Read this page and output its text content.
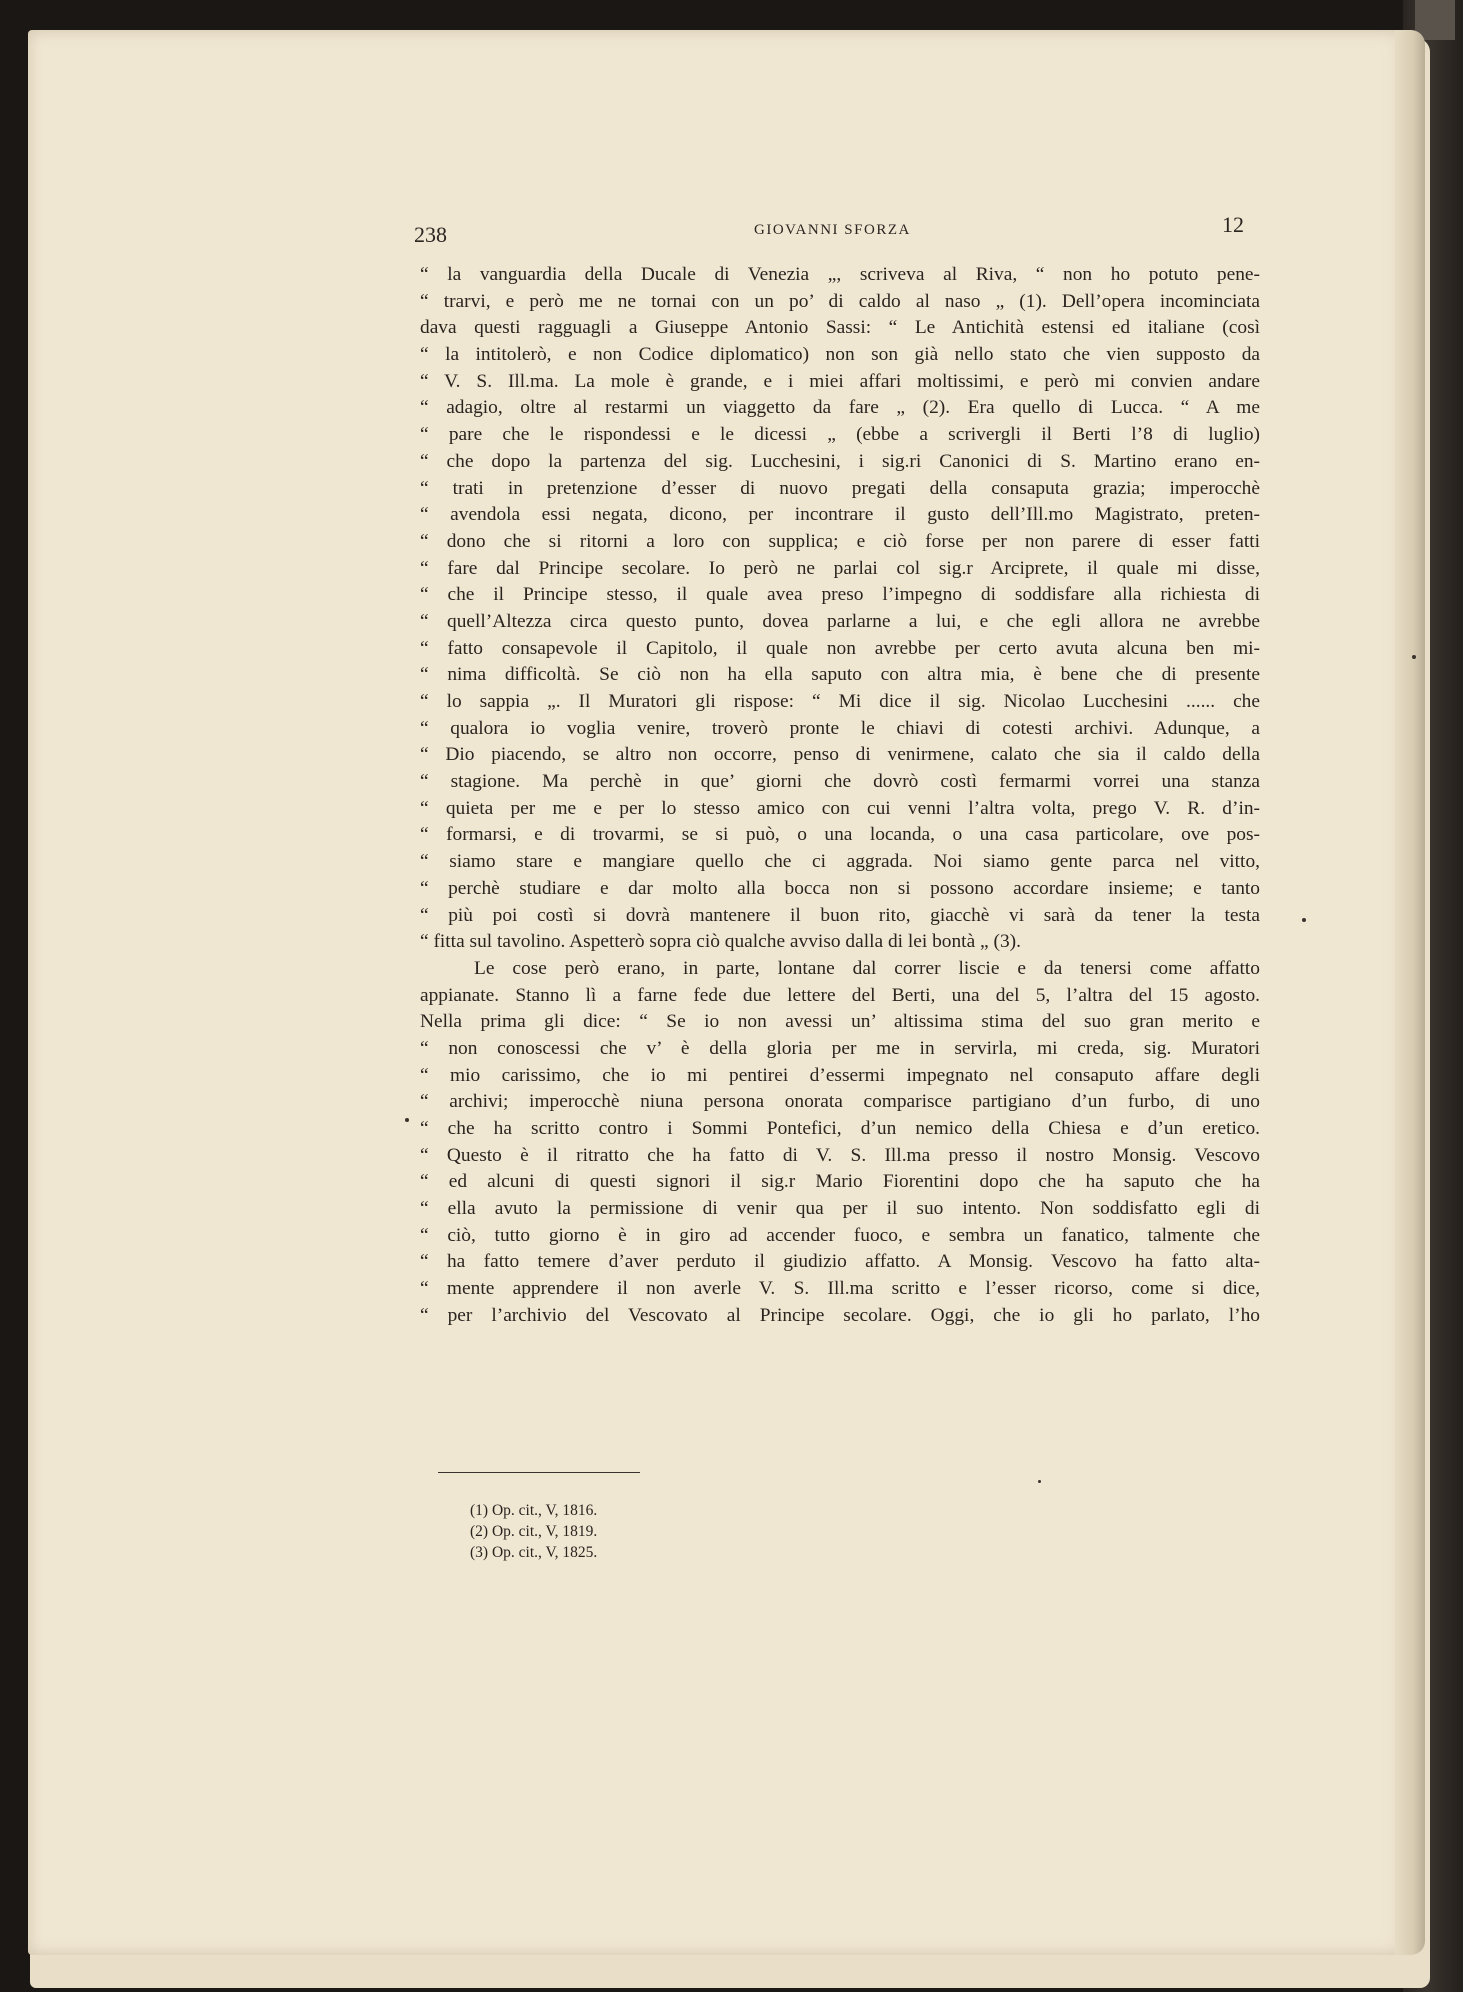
238	GIOVANNI SFORZA	12
“ la vanguardia della Ducale di Venezia „, scriveva al Riva, “ non ho potuto pene-
“ trarvi, e però me ne tornai con un po’ di caldo al naso „ (1). Dell’opera incominciata
dava questi ragguagli a Giuseppe Antonio Sassi: “ Le Antichità estensi ed italiane (così
“ la intitolerò, e non Codice diplomatico) non son già nello stato che vien supposto da
“ V. S. Ill.ma. La mole è grande, e i miei affari moltissimi, e però mi convien andare
“ adagio, oltre al restarmi un viaggetto da fare „ (2). Era quello di Lucca. “ A me
“ pare che le rispondessi e le dicessi „ (ebbe a scrivergli il Berti l’8 di luglio)
“ che dopo la partenza del sig. Lucchesini, i sig.ri Canonici di S. Martino erano en-
“ trati in pretenzione d’esser di nuovo pregati della consaputa grazia; imperocchè
“ avendola essi negata, dicono, per incontrare il gusto dell’Ill.mo Magistrato, preten-
“ dono che si ritorni a loro con supplica; e ciò forse per non parere di esser fatti
“ fare dal Principe secolare. Io però ne parlai col sig.r Arciprete, il quale mi disse,
“ che il Principe stesso, il quale avea preso l’impegno di soddisfare alla richiesta di
“ quell’Altezza circa questo punto, dovea parlarne a lui, e che egli allora ne avrebbe
“ fatto consapevole il Capitolo, il quale non avrebbe per certo avuta alcuna ben mi-
“ nima difficoltà. Se ciò non ha ella saputo con altra mia, è bene che di presente
“ lo sappia „. Il Muratori gli rispose: “ Mi dice il sig. Nicolao Lucchesini ...... che
“ qualora io voglia venire, troverò pronte le chiavi di cotesti archivi. Adunque, a
“ Dio piacendo, se altro non occorre, penso di venirmene, calato che sia il caldo della
“ stagione. Ma perchè in que’ giorni che dovrò costì fermarmi vorrei una stanza
“ quieta per me e per lo stesso amico con cui venni l’altra volta, prego V. R. d’in-
“ formarsi, e di trovarmi, se si può, o una locanda, o una casa particolare, ove pos-
“ siamo stare e mangiare quello che ci aggrada. Noi siamo gente parca nel vitto,
“ perchè studiare e dar molto alla bocca non si possono accordare insieme; e tanto
“ più poi costì si dovrà mantenere il buon rito, giacchè vi sarà da tener la testa
“ fitta sul tavolino. Aspetterò sopra ciò qualche avviso dalla di lei bontà „ (3).
Le cose però erano, in parte, lontane dal correr liscie e da tenersi come affatto
appianate. Stanno lì a farne fede due lettere del Berti, una del 5, l’altra del 15 agosto.
Nella prima gli dice: “ Se io non avessi un’ altissima stima del suo gran merito e
“ non conoscessi che v’ è della gloria per me in servirla, mi creda, sig. Muratori
“ mio carissimo, che io mi pentirei d’essermi impegnato nel consaputo affare degli
“ archivi; imperocchè niuna persona onorata comparisce partigiano d’un furbo, di uno
“ che ha scritto contro i Sommi Pontefici, d’un nemico della Chiesa e d’un eretico.
“ Questo è il ritratto che ha fatto di V. S. Ill.ma presso il nostro Monsig. Vescovo
“ ed alcuni di questi signori il sig.r Mario Fiorentini dopo che ha saputo che ha
“ ella avuto la permissione di venir qua per il suo intento. Non soddisfatto egli di
“ ciò, tutto giorno è in giro ad accender fuoco, e sembra un fanatico, talmente che
“ ha fatto temere d’aver perduto il giudizio affatto. A Monsig. Vescovo ha fatto alta-
“ mente apprendere il non averle V. S. Ill.ma scritto e l’esser ricorso, come si dice,
“ per l’archivio del Vescovato al Principe secolare. Oggi, che io gli ho parlato, l’ho
(1) Op. cit., V, 1816.
(2) Op. cit., V, 1819.
(3) Op. cit., V, 1825.
